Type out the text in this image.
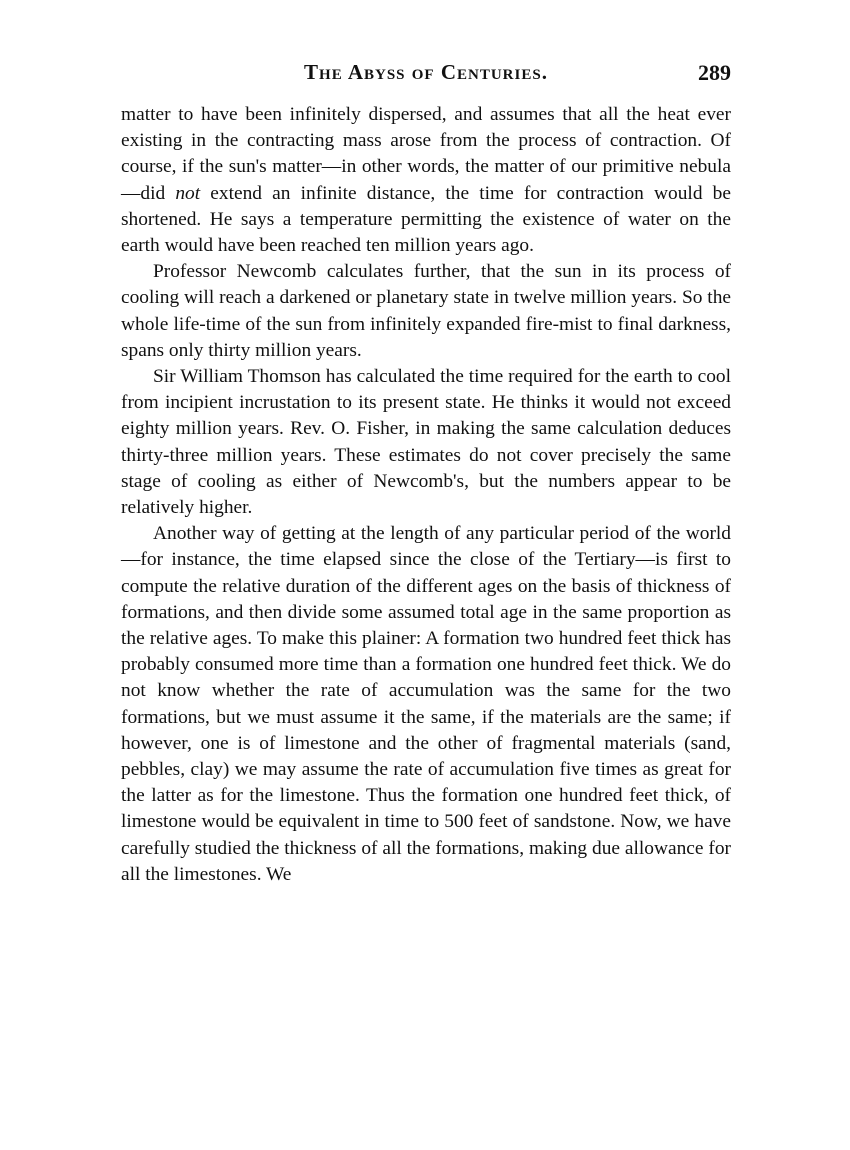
The Abyss of Centuries.	289

matter to have been infinitely dispersed, and assumes that all the heat ever existing in the contracting mass arose from the process of contraction. Of course, if the sun's matter—in other words, the matter of our primitive nebula—did not extend an infinite distance, the time for contraction would be shortened. He says a temperature permitting the existence of water on the earth would have been reached ten million years ago.

Professor Newcomb calculates further, that the sun in its process of cooling will reach a darkened or planetary state in twelve million years. So the whole life-time of the sun from infinitely expanded fire-mist to final darkness, spans only thirty million years.

Sir William Thomson has calculated the time required for the earth to cool from incipient incrustation to its present state. He thinks it would not exceed eighty million years. Rev. O. Fisher, in making the same calculation deduces thirty-three million years. These estimates do not cover precisely the same stage of cooling as either of Newcomb's, but the numbers appear to be relatively higher.

Another way of getting at the length of any particular period of the world—for instance, the time elapsed since the close of the Tertiary—is first to compute the relative duration of the different ages on the basis of thickness of formations, and then divide some assumed total age in the same proportion as the relative ages. To make this plainer: A formation two hundred feet thick has probably consumed more time than a formation one hundred feet thick. We do not know whether the rate of accumulation was the same for the two formations, but we must assume it the same, if the materials are the same; if however, one is of limestone and the other of fragmental materials (sand, pebbles, clay) we may assume the rate of accumulation five times as great for the latter as for the limestone. Thus the formation one hundred feet thick, of limestone would be equivalent in time to 500 feet of sandstone. Now, we have carefully studied the thickness of all the formations, making due allowance for all the limestones. We
